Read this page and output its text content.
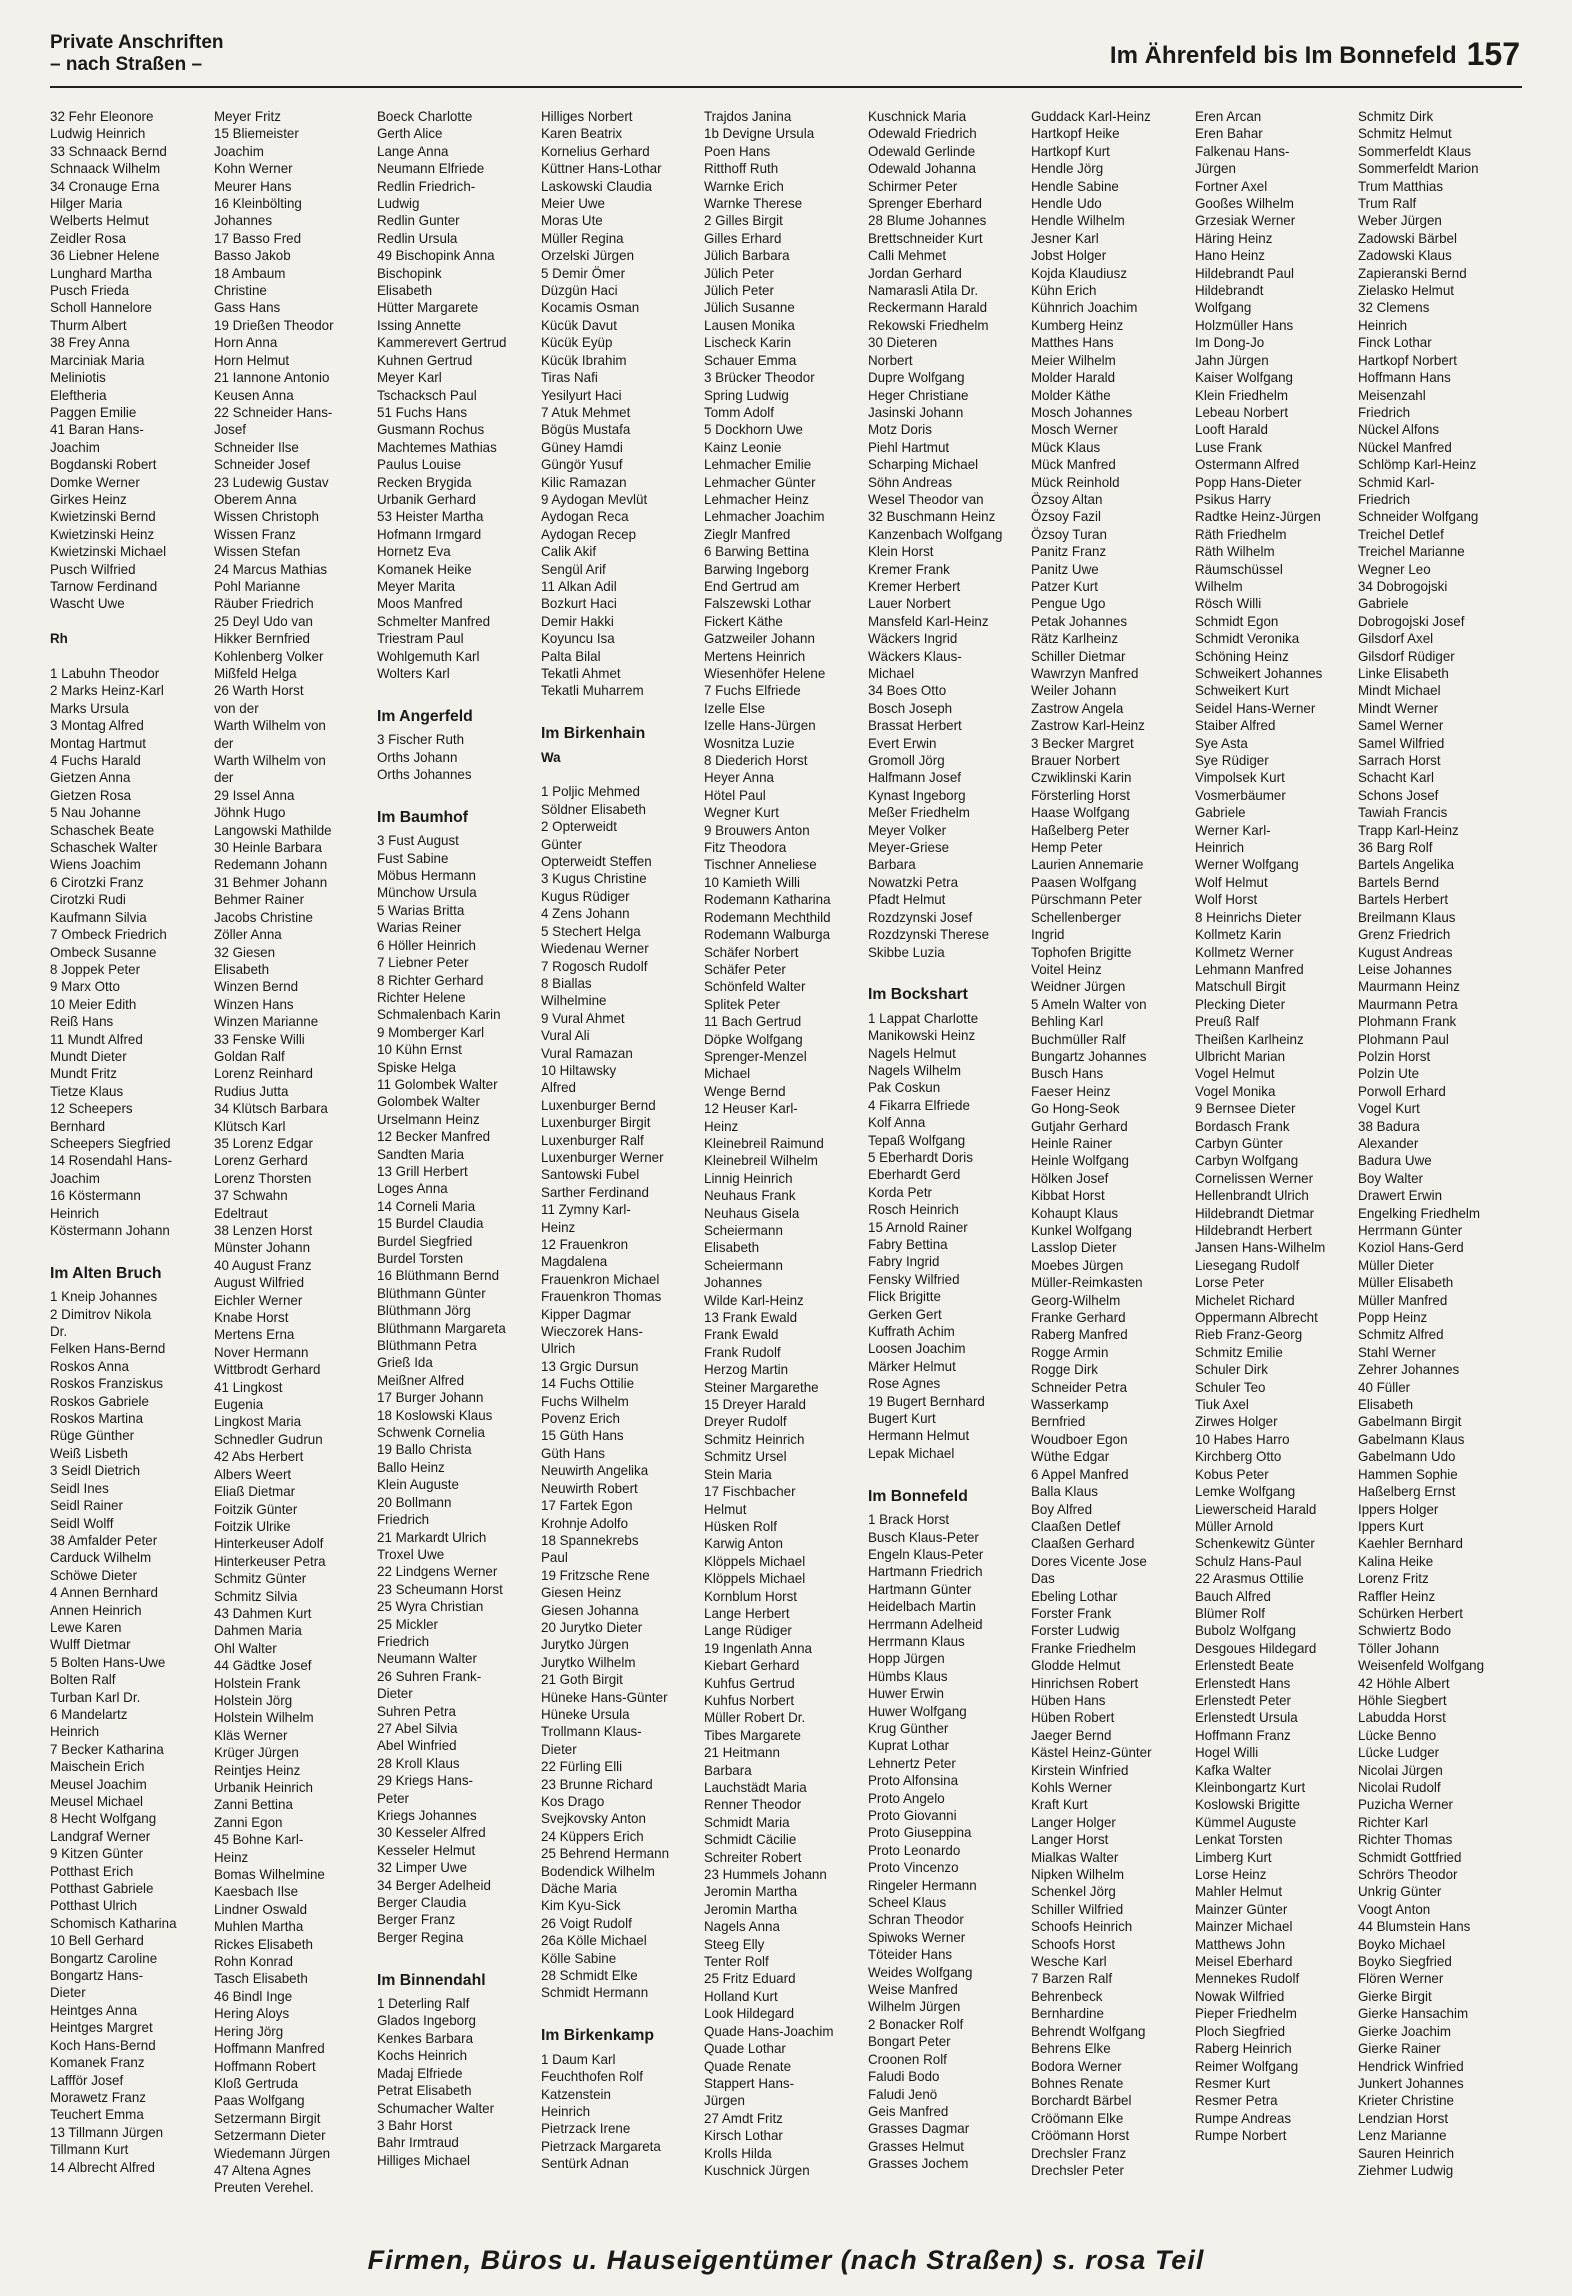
Private Anschriften
– nach Straßen –	Im Ährenfeld bis Im Bonnefeld 157
32 Fehr Eleonore
Ludwig Heinrich
33 Schnaack Bernd
Schnaack Wilhelm
34 Cronauge Erna
Hilger Maria
Welberts Helmut
Zeidler Rosa
36 Liebner Helene
Lunghard Martha
Pusch Frieda
Scholl Hannelore
Thurm Albert
38 Frey Anna
Marciniak Maria
Meliniotis
Eleftheria
Paggen Emilie
41 Baran Hans-
Joachim
Bogdanski Robert
Domke Werner
Girkes Heinz
Kwietzinski Bernd
Kwietzinski Heinz
Kwietzinski Michael
Pusch Wilfried
Tarnow Ferdinand
Wascht Uwe

Rh

1 Labuhn Theodor
2 Marks Heinz-Karl
Marks Ursula
3 Montag Alfred
Montag Hartmut
4 Fuchs Harald
Gietzen Anna
Gietzen Rosa
5 Nau Johanne
Schaschek Beate
Schaschek Walter
Wiens Joachim
6 Cirotzki Franz
Cirotzki Rudi
Kaufmann Silvia
7 Ombeck Friedrich
Ombeck Susanne
8 Joppek Peter
9 Marx Otto
10 Meier Edith
Reiß Hans
11 Mundt Alfred
Mundt Dieter
Mundt Fritz
Tietze Klaus
12 Scheepers
Bernhard
Scheepers Siegfried
14 Rosendahl Hans-
Joachim
16 Köstermann
Heinrich
Köstermann Johann

Im Alten Bruch
1 Kneip Johannes
2 Dimitrov Nikola
Dr.
Felken Hans-Bernd
Roskos Anna
Roskos Franziskus
Roskos Gabriele
Roskos Martina
Rüge Günther
Weiß Lisbeth
3 Seidl Dietrich
Seidl Ines
Seidl Rainer
Seidl Wolff
38 Amfalder Peter
Carduck Wilhelm
Schöwe Dieter
4 Annen Bernhard
Annen Heinrich
Lewe Karen
Wulff Dietmar
5 Bolten Hans-Uwe
Bolten Ralf
Turban Karl Dr.
6 Mandelartz
Heinrich
7 Becker Katharina
Maischein Erich
Meusel Joachim
Meusel Michael
8 Hecht Wolfgang
Landgraf Werner
9 Kitzen Günter
Potthast Erich
Potthast Gabriele
Potthast Ulrich
Schomisch Katharina
10 Bell Gerhard
Bongartz Caroline
Bongartz Hans-
Dieter
Heintges Anna
Heintges Margret
Koch Hans-Bernd
Komanek Franz
Laffför Josef
Morawetz Franz
Teuchert Emma
13 Tillmann Jürgen
Tillmann Kurt
14 Albrecht Alfred
Meyer Fritz
15 Bliemeister
Joachim
Kohn Werner
Meurer Hans
16 Kleinbölting
Johannes
17 Basso Fred
Basso Jakob
18 Ambaum
Christine
Gass Hans
19 Drießen Theodor
Horn Anna
Horn Helmut
21 Iannone Antonio
Keusen Anna
22 Schneider Hans-
Josef
Schneider Ilse
Schneider Josef
23 Ludewig Gustav
Oberem Anna
Wissen Christoph
Wissen Franz
Wissen Stefan
24 Marcus Mathias
Pohl Marianne
Räuber Friedrich
25 Deyl Udo van
Hikker Bernfried
Kohlenberg Volker
Mißfeld Helga
26 Warth Horst
von der
Warth Wilhelm von
der
Warth Wilhelm von
der
29 Issel Anna
Jöhnk Hugo
Langowski Mathilde
30 Heinle Barbara
Redemann Johann
31 Behmer Johann
Behmer Rainer
Jacobs Christine
Zöller Anna
32 Giesen
Elisabeth
Winzen Bernd
Winzen Hans
Winzen Marianne
33 Fenske Willi
Goldan Ralf
Lorenz Reinhard
Rudius Jutta
34 Klütsch Barbara
Klütsch Karl
35 Lorenz Edgar
Lorenz Gerhard
Lorenz Thorsten
37 Schwahn
Edeltraut
38 Lenzen Horst
Münster Johann
40 August Franz
August Wilfried
Eichler Werner
Knabe Horst
Mertens Erna
Nover Hermann
Wittbrodt Gerhard
41 Lingkost
Eugenia
Lingkost Maria
Schnedler Gudrun
42 Abs Herbert
Albers Weert
Eliaß Dietmar
Foitzik Günter
Foitzik Ulrike
Hinterkeuser Adolf
Hinterkeuser Petra
Schmitz Günter
Schmitz Silvia
43 Dahmen Kurt
Dahmen Maria
Ohl Walter
44 Gädtke Josef
Holstein Frank
Holstein Jörg
Holstein Wilhelm
Kläs Werner
Krüger Jürgen
Reintjes Heinz
Urbanik Heinrich
Zanni Bettina
Zanni Egon
45 Bohne Karl-
Heinz
Bomas Wilhelmine
Kaesbach Ilse
Lindner Oswald
Muhlen Martha
Rickes Elisabeth
Rohn Konrad
Tasch Elisabeth
46 Bindl Inge
Hering Aloys
Hering Jörg
Hoffmann Manfred
Hoffmann Robert
Kloß Gertruda
Paas Wolfgang
Setzermann Birgit
Setzermann Dieter
Wiedemann Jürgen
47 Altena Agnes
Preuten Verehel.
Boeck Charlotte
Gerth Alice
Lange Anna
Neumann Elfriede
Redlin Friedrich-
Ludwig
Redlin Gunter
Redlin Ursula
49 Bischopink Anna
Bischopink
Elisabeth
Hütter Margarete
Issing Annette
Kammerevert Gertrud
Kuhnen Gertrud
Meyer Karl
Tschacksch Paul
51 Fuchs Hans
Gusmann Rochus
Machtemes Mathias
Paulus Louise
Recken Brygida
Urbanik Gerhard
53 Heister Martha
Hofmann Irmgard
Hornetz Eva
Komanek Heike
Meyer Marita
Moos Manfred
Schmelter Manfred
Triestram Paul
Wohlgemuth Karl
Wolters Karl

Im Angerfeld
3 Fischer Ruth
Orths Johann
Orths Johannes

Im Baumhof
3 Fust August
Fust Sabine
Möbus Hermann
Münchow Ursula
5 Warias Britta
Warias Reiner
6 Höller Heinrich
7 Liebner Peter
8 Richter Gerhard
Richter Helene
Schmalenbach Karin
9 Momberger Karl
10 Kühn Ernst
Spiske Helga
11 Golombek Walter
Golombek Walter
Urselmann Heinz
12 Becker Manfred
Sandten Maria
13 Grill Herbert
Loges Anna
14 Corneli Maria
15 Burdel Claudia
Burdel Siegfried
Burdel Torsten
16 Blüthmann Bernd
Blüthmann Günter
Blüthmann Jörg
Blüthmann Margareta
Blüthmann Petra
Grieß Ida
Meißner Alfred
17 Burger Johann
18 Koslowski Klaus
Schwenk Cornelia
19 Ballo Christa
Ballo Heinz
Klein Auguste
20 Bollmann
Friedrich
21 Markardt Ulrich
Troxel Uwe
22 Lindgens Werner
23 Scheumann Horst
25 Wyra Christian
25 Mickler
Friedrich
Neumann Walter
26 Suhren Frank-
Dieter
Suhren Petra
27 Abel Silvia
Abel Winfried
28 Kroll Klaus
29 Kriegs Hans-
Peter
Kriegs Johannes
30 Kesseler Alfred
Kesseler Helmut
32 Limper Uwe
34 Berger Adelheid
Berger Claudia
Berger Franz
Berger Regina

Im Binnendahl
1 Deterling Ralf
Glados Ingeborg
Kenkes Barbara
Kochs Heinrich
Madaj Elfriede
Petrat Elisabeth
Schumacher Walter
3 Bahr Horst
Bahr Irmtraud
Hilliges Michael
Hilliges Norbert
Karen Beatrix
Kornelius Gerhard
Küttner Hans-Lothar
Laskowski Claudia
Meier Uwe
Moras Ute
Müller Regina
Orzelski Jürgen
5 Demir Ömer
Düzgün Haci
Kocamis Osman
Kücük Davut
Kücük Eyüp
Kücük Ibrahim
Tiras Nafi
Yesilyurt Haci
7 Atuk Mehmet
Bögüs Mustafa
Güney Hamdi
Güngör Yusuf
Kilic Ramazan
9 Aydogan Mevlüt
Aydogan Reca
Aydogan Recep
Calik Akif
Sengül Arif
11 Alkan Adil
Bozkurt Haci
Demir Hakki
Koyuncu Isa
Palta Bilal
Tekatli Ahmet
Tekatli Muharrem

Im Birkenhain
Wa

1 Poljic Mehmed
Söldner Elisabeth
2 Opterweidt
Günter
Opterweidt Steffen
3 Kugus Christine
Kugus Rüdiger
4 Zens Johann
5 Stechert Helga
Wiedenau Werner
7 Rogosch Rudolf
8 Biallas
Wilhelmine
9 Vural Ahmet
Vural Ali
Vural Ramazan
10 Hiltawsky
Alfred
Luxenburger Bernd
Luxenburger Birgit
Luxenburger Ralf
Luxenburger Werner
Santowski Fubel
Sarther Ferdinand
11 Zymny Karl-
Heinz
12 Frauenkron
Magdalena
Frauenkron Michael
Frauenkron Thomas
Kipper Dagmar
Wieczorek Hans-
Ulrich
13 Grgic Dursun
14 Fuchs Ottilie
Fuchs Wilhelm
Povenz Erich
15 Güth Hans
Güth Hans
Neuwirth Angelika
Neuwirth Robert
17 Fartek Egon
Krohnje Adolfo
18 Spannekrebs
Paul
19 Fritzsche Rene
Giesen Heinz
Giesen Johanna
20 Jurytko Dieter
Jurytko Jürgen
Jurytko Wilhelm
21 Goth Birgit
Hüneke Hans-Günter
Hüneke Ursula
Trollmann Klaus-
Dieter
22 Fürling Elli
23 Brunne Richard
Kos Drago
Svejkovsky Anton
24 Küppers Erich
25 Behrend Hermann
Bodendick Wilhelm
Däche Maria
Kim Kyu-Sick
26 Voigt Rudolf
26a Kölle Michael
Kölle Sabine
28 Schmidt Elke
Schmidt Hermann

Im Birkenkamp
1 Daum Karl
Feuchthofen Rolf
Katzenstein
Heinrich
Pietrzack Irene
Pietrzack Margareta
Sentürk Adnan
Trajdos Janina
1b Devigne Ursula
Poen Hans
Ritthoff Ruth
Warnke Erich
Warnke Therese
2 Gilles Birgit
Gilles Erhard
Jülich Barbara
Jülich Peter
Jülich Peter
Jülich Susanne
Lausen Monika
Lischeck Karin
Schauer Emma
3 Brücker Theodor
Spring Ludwig
Tomm Adolf
5 Dockhorn Uwe
Kainz Leonie
Lehmacher Emilie
Lehmacher Günter
Lehmacher Heinz
Lehmacher Joachim
Zieglr Manfred
6 Barwing Bettina
Barwing Ingeborg
End Gertrud am
Falszewski Lothar
Fickert Käthe
Gatzweiler Johann
Mertens Heinrich
Wiesenhöfer Helene
7 Fuchs Elfriede
Izelle Else
Izelle Hans-Jürgen
Wosnitza Luzie
8 Diederich Horst
Heyer Anna
Hötel Paul
Wegner Kurt
9 Brouwers Anton
Fitz Theodora
Tischner Anneliese
10 Kamieth Willi
Rodemann Katharina
Rodemann Mechthild
Rodemann Walburga
Schäfer Norbert
Schäfer Peter
Schönfeld Walter
Splitek Peter
11 Bach Gertrud
Döpke Wolfgang
Sprenger-Menzel
Michael
Wenge Bernd
12 Heuser Karl-
Heinz
Kleinebreil Raimund
Kleinebreil Wilhelm
Linnig Heinrich
Neuhaus Frank
Neuhaus Gisela
Scheiermann
Elisabeth
Scheiermann
Johannes
Wilde Karl-Heinz
13 Frank Ewald
Frank Ewald
Frank Rudolf
Herzog Martin
Steiner Margarethe
15 Dreyer Harald
Dreyer Rudolf
Schmitz Heinrich
Schmitz Ursel
Stein Maria
17 Fischbacher
Helmut
Hüsken Rolf
Karwig Anton
Klöppels Michael
Klöppels Michael
Kornblum Horst
Lange Herbert
Lange Rüdiger
19 Ingenlath Anna
Kiebart Gerhard
Kuhfus Gertrud
Kuhfus Norbert
Müller Robert Dr.
Tibes Margarete
21 Heitmann
Barbara
Lauchstädt Maria
Renner Theodor
Schmidt Maria
Schmidt Cäcilie
Schreiter Robert
23 Hummels Johann
Jeromin Martha
Jeromin Martha
Nagels Anna
Steeg Elly
Tenter Rolf
25 Fritz Eduard
Holland Kurt
Look Hildegard
Quade Hans-Joachim
Quade Lothar
Quade Renate
Stappert Hans-
Jürgen
27 Amdt Fritz
Kirsch Lothar
Krolls Hilda
Kuschnick Jürgen
Kuschnick Maria
Odewald Friedrich
Odewald Gerlinde
Odewald Johanna
Schirmer Peter
Sprenger Eberhard
28 Blume Johannes
Brettschneider Kurt
Calli Mehmet
Jordan Gerhard
Namarasli Atila Dr.
Reckermann Harald
Rekowski Friedhelm
30 Dieteren
Norbert
Dupre Wolfgang
Heger Christiane
Jasinski Johann
Motz Doris
Piehl Hartmut
Scharping Michael
Söhn Andreas
Wesel Theodor van
32 Buschmann Heinz
Kanzenbach Wolfgang
Klein Horst
Kremer Frank
Kremer Herbert
Lauer Norbert
Mansfeld Karl-Heinz
Wäckers Ingrid
Wäckers Klaus-
Michael
34 Boes Otto
Bosch Joseph
Brassat Herbert
Evert Erwin
Gromoll Jörg
Halfmann Josef
Kynast Ingeborg
Meßer Friedhelm
Meyer Volker
Meyer-Griese
Barbara
Nowatzki Petra
Pfadt Helmut
Rozdzynski Josef
Rozdzynski Therese
Skibbe Luzia

Im Bockshart
1 Lappat Charlotte
Manikowski Heinz
Nagels Helmut
Nagels Wilhelm
Pak Coskun
4 Fikarra Elfriede
Kolf Anna
Tepaß Wolfgang
5 Eberhardt Doris
Eberhardt Gerd
Korda Petr
Rosch Heinrich
15 Arnold Rainer
Fabry Bettina
Fabry Ingrid
Fensky Wilfried
Flick Brigitte
Gerken Gert
Kuffrath Achim
Loosen Joachim
Märker Helmut
Rose Agnes
19 Bugert Bernhard
Bugert Kurt
Hermann Helmut
Lepak Michael

Im Bonnefeld
1 Brack Horst
Busch Klaus-Peter
Engeln Klaus-Peter
Hartmann Friedrich
Hartmann Günter
Heidelbach Martin
Herrmann Adelheid
Herrmann Klaus
Hopp Jürgen
Hümbs Klaus
Huwer Erwin
Huwer Wolfgang
Krug Günther
Kuprat Lothar
Lehnertz Peter
Proto Alfonsina
Proto Angelo
Proto Giovanni
Proto Giuseppina
Proto Leonardo
Proto Vincenzo
Ringeler Hermann
Scheel Klaus
Schran Theodor
Spiwoks Werner
Töteider Hans
Weides Wolfgang
Weise Manfred
Wilhelm Jürgen
2 Bonacker Rolf
Bongart Peter
Croonen Rolf
Faludi Bodo
Faludi Jenö
Geis Manfred
Grasses Dagmar
Grasses Helmut
Grasses Jochem
Guddack Karl-Heinz
Hartkopf Heike
Hartkopf Kurt
Hendle Jörg
Hendle Sabine
Hendle Udo
Hendle Wilhelm
Jesner Karl
Jobst Holger
Kojda Klaudiusz
Kühn Erich
Kühnrich Joachim
Kumberg Heinz
Matthes Hans
Meier Wilhelm
Molder Harald
Molder Käthe
Mosch Johannes
Mosch Werner
Mück Klaus
Mück Manfred
Mück Reinhold
Özsoy Altan
Özsoy Fazil
Özsoy Turan
Panitz Franz
Panitz Uwe
Patzer Kurt
Pengue Ugo
Petak Johannes
Rätz Karlheinz
Schiller Dietmar
Wawrzyn Manfred
Weiler Johann
Zastrow Angela
Zastrow Karl-Heinz
3 Becker Margret
Brauer Norbert
Czwiklinski Karin
Försterling Horst
Haase Wolfgang
Haßelberg Peter
Hemp Peter
Laurien Annemarie
Paasen Wolfgang
Pürschmann Peter
Schellenberger
Ingrid
Tophofen Brigitte
Voitel Heinz
Weidner Jürgen
5 Ameln Walter von
Behling Karl
Buchmüller Ralf
Bungartz Johannes
Busch Hans
Faeser Heinz
Go Hong-Seok
Gutjahr Gerhard
Heinle Rainer
Heinle Wolfgang
Hölken Josef
Kibbat Horst
Kohaupt Klaus
Kunkel Wolfgang
Lasslop Dieter
Moebes Jürgen
Müller-Reimkasten
Georg-Wilhelm
Franke Gerhard
Raberg Manfred
Rogge Armin
Rogge Dirk
Schneider Petra
Wasserkamp
Bernfried
Woudboer Egon
Wüthe Edgar
6 Appel Manfred
Balla Klaus
Boy Alfred
Claaßen Detlef
Claaßen Gerhard
Dores Vicente Jose
Das
Ebeling Lothar
Forster Frank
Forster Ludwig
Franke Friedhelm
Glodde Helmut
Hinrichsen Robert
Hüben Hans
Hüben Robert
Jaeger Bernd
Kästel Heinz-Günter
Kirstein Winfried
Kohls Werner
Kraft Kurt
Langer Holger
Langer Horst
Mialkas Walter
Nipken Wilhelm
Schenkel Jörg
Schiller Wilfried
Schoofs Heinrich
Schoofs Horst
Wesche Karl
7 Barzen Ralf
Behrenbeck
Bernhardine
Behrendt Wolfgang
Behrens Elke
Bodora Werner
Bohnes Renate
Borchardt Bärbel
Cröömann Elke
Cröömann Horst
Drechsler Franz
Drechsler Peter
Eren Arcan
Eren Bahar
Falkenau Hans-
Jürgen
Fortner Axel
Gooßes Wilhelm
Grzesiak Werner
Häring Heinz
Hano Heinz
Hildebrandt Paul
Hildebrandt
Wolfgang
Holzmüller Hans
Im Dong-Jo
Jahn Jürgen
Kaiser Wolfgang
Klein Friedhelm
Lebeau Norbert
Looft Harald
Luse Frank
Ostermann Alfred
Popp Hans-Dieter
Psikus Harry
Radtke Heinz-Jürgen
Räth Friedhelm
Räth Wilhelm
Räumschüssel
Wilhelm
Rösch Willi
Schmidt Egon
Schmidt Veronika
Schöning Heinz
Schweikert Johannes
Schweikert Kurt
Seidel Hans-Werner
Staiber Alfred
Sye Asta
Sye Rüdiger
Vimpolsek Kurt
Vosmerbäumer
Gabriele
Werner Karl-
Heinrich
Werner Wolfgang
Wolf Helmut
Wolf Horst
8 Heinrichs Dieter
Kollmetz Karin
Kollmetz Werner
Lehmann Manfred
Matschull Birgit
Plecking Dieter
Preuß Ralf
Theißen Karlheinz
Ulbricht Marian
Vogel Helmut
Vogel Monika
9 Bernsee Dieter
Bordasch Frank
Carbyn Günter
Carbyn Wolfgang
Cornelissen Werner
Hellenbrandt Ulrich
Hildebrandt Dietmar
Hildebrandt Herbert
Jansen Hans-Wilhelm
Liesegang Rudolf
Lorse Peter
Michelet Richard
Oppermann Albrecht
Rieb Franz-Georg
Schmitz Emilie
Schuler Dirk
Schuler Teo
Tiuk Axel
Zirwes Holger
10 Habes Harro
Kirchberg Otto
Kobus Peter
Lemke Wolfgang
Liewerscheid Harald
Müller Arnold
Schenkewitz Günter
Schulz Hans-Paul
22 Arasmus Ottilie
Bauch Alfred
Blümer Rolf
Bubolz Wolfgang
Desgoues Hildegard
Erlenstedt Beate
Erlenstedt Hans
Erlenstedt Peter
Erlenstedt Ursula
Hoffmann Franz
Hogel Willi
Kafka Walter
Kleinbongartz Kurt
Koslowski Brigitte
Kümmel Auguste
Lenkat Torsten
Limberg Kurt
Lorse Heinz
Mahler Helmut
Mainzer Günter
Mainzer Michael
Matthews John
Meisel Eberhard
Mennekes Rudolf
Nowak Wilfried
Pieper Friedhelm
Ploch Siegfried
Raberg Heinrich
Reimer Wolfgang
Resmer Kurt
Resmer Petra
Rumpe Andreas
Rumpe Norbert
Schmitz Dirk
Schmitz Helmut
Sommerfeldt Klaus
Sommerfeldt Marion
Trum Matthias
Trum Ralf
Weber Jürgen
Zadowski Bärbel
Zadowski Klaus
Zapieranski Bernd
Zielasko Helmut
32 Clemens
Heinrich
Finck Lothar
Hartkopf Norbert
Hoffmann Hans
Meisenzahl
Friedrich
Nückel Alfons
Nückel Manfred
Schlömp Karl-Heinz
Schmid Karl-
Friedrich
Schneider Wolfgang
Treichel Detlef
Treichel Marianne
Wegner Leo
34 Dobrogojski
Gabriele
Dobrogojski Josef
Gilsdorf Axel
Gilsdorf Rüdiger
Linke Elisabeth
Mindt Michael
Mindt Werner
Samel Werner
Samel Wilfried
Sarrach Horst
Schacht Karl
Schons Josef
Tawiah Francis
Trapp Karl-Heinz
36 Barg Rolf
Bartels Angelika
Bartels Bernd
Bartels Herbert
Breilmann Klaus
Grenz Friedrich
Kugust Andreas
Leise Johannes
Maurmann Heinz
Maurmann Petra
Plohmann Frank
Plohmann Paul
Polzin Horst
Polzin Ute
Porwoll Erhard
Vogel Kurt
38 Badura
Alexander
Badura Uwe
Boy Walter
Drawert Erwin
Engelking Friedhelm
Herrmann Günter
Koziol Hans-Gerd
Müller Dieter
Müller Elisabeth
Müller Manfred
Popp Heinz
Schmitz Alfred
Stahl Werner
Zehrer Johannes
40 Füller
Elisabeth
Gabelmann Birgit
Gabelmann Klaus
Gabelmann Udo
Hammen Sophie
Haßelberg Ernst
Ippers Holger
Ippers Kurt
Kaehler Bernhard
Kalina Heike
Lorenz Fritz
Raffler Heinz
Schürken Herbert
Schwiertz Bodo
Töller Johann
Weisenfeld Wolfgang
42 Höhle Albert
Höhle Siegbert
Labudda Horst
Lücke Benno
Lücke Ludger
Nicolai Jürgen
Nicolai Rudolf
Puzicha Werner
Richter Karl
Richter Thomas
Schmidt Gottfried
Schrörs Theodor
Unkrig Günter
Voogt Anton
44 Blumstein Hans
Boyko Michael
Boyko Siegfried
Flören Werner
Gierke Birgit
Gierke Hansachim
Gierke Joachim
Gierke Rainer
Hendrick Winfried
Junkert Johannes
Krieter Christine
Lendzian Horst
Lenz Marianne
Sauren Heinrich
Ziehmer Ludwig
Firmen, Büros u. Hauseigentümer (nach Straßen) s. rosa Teil
